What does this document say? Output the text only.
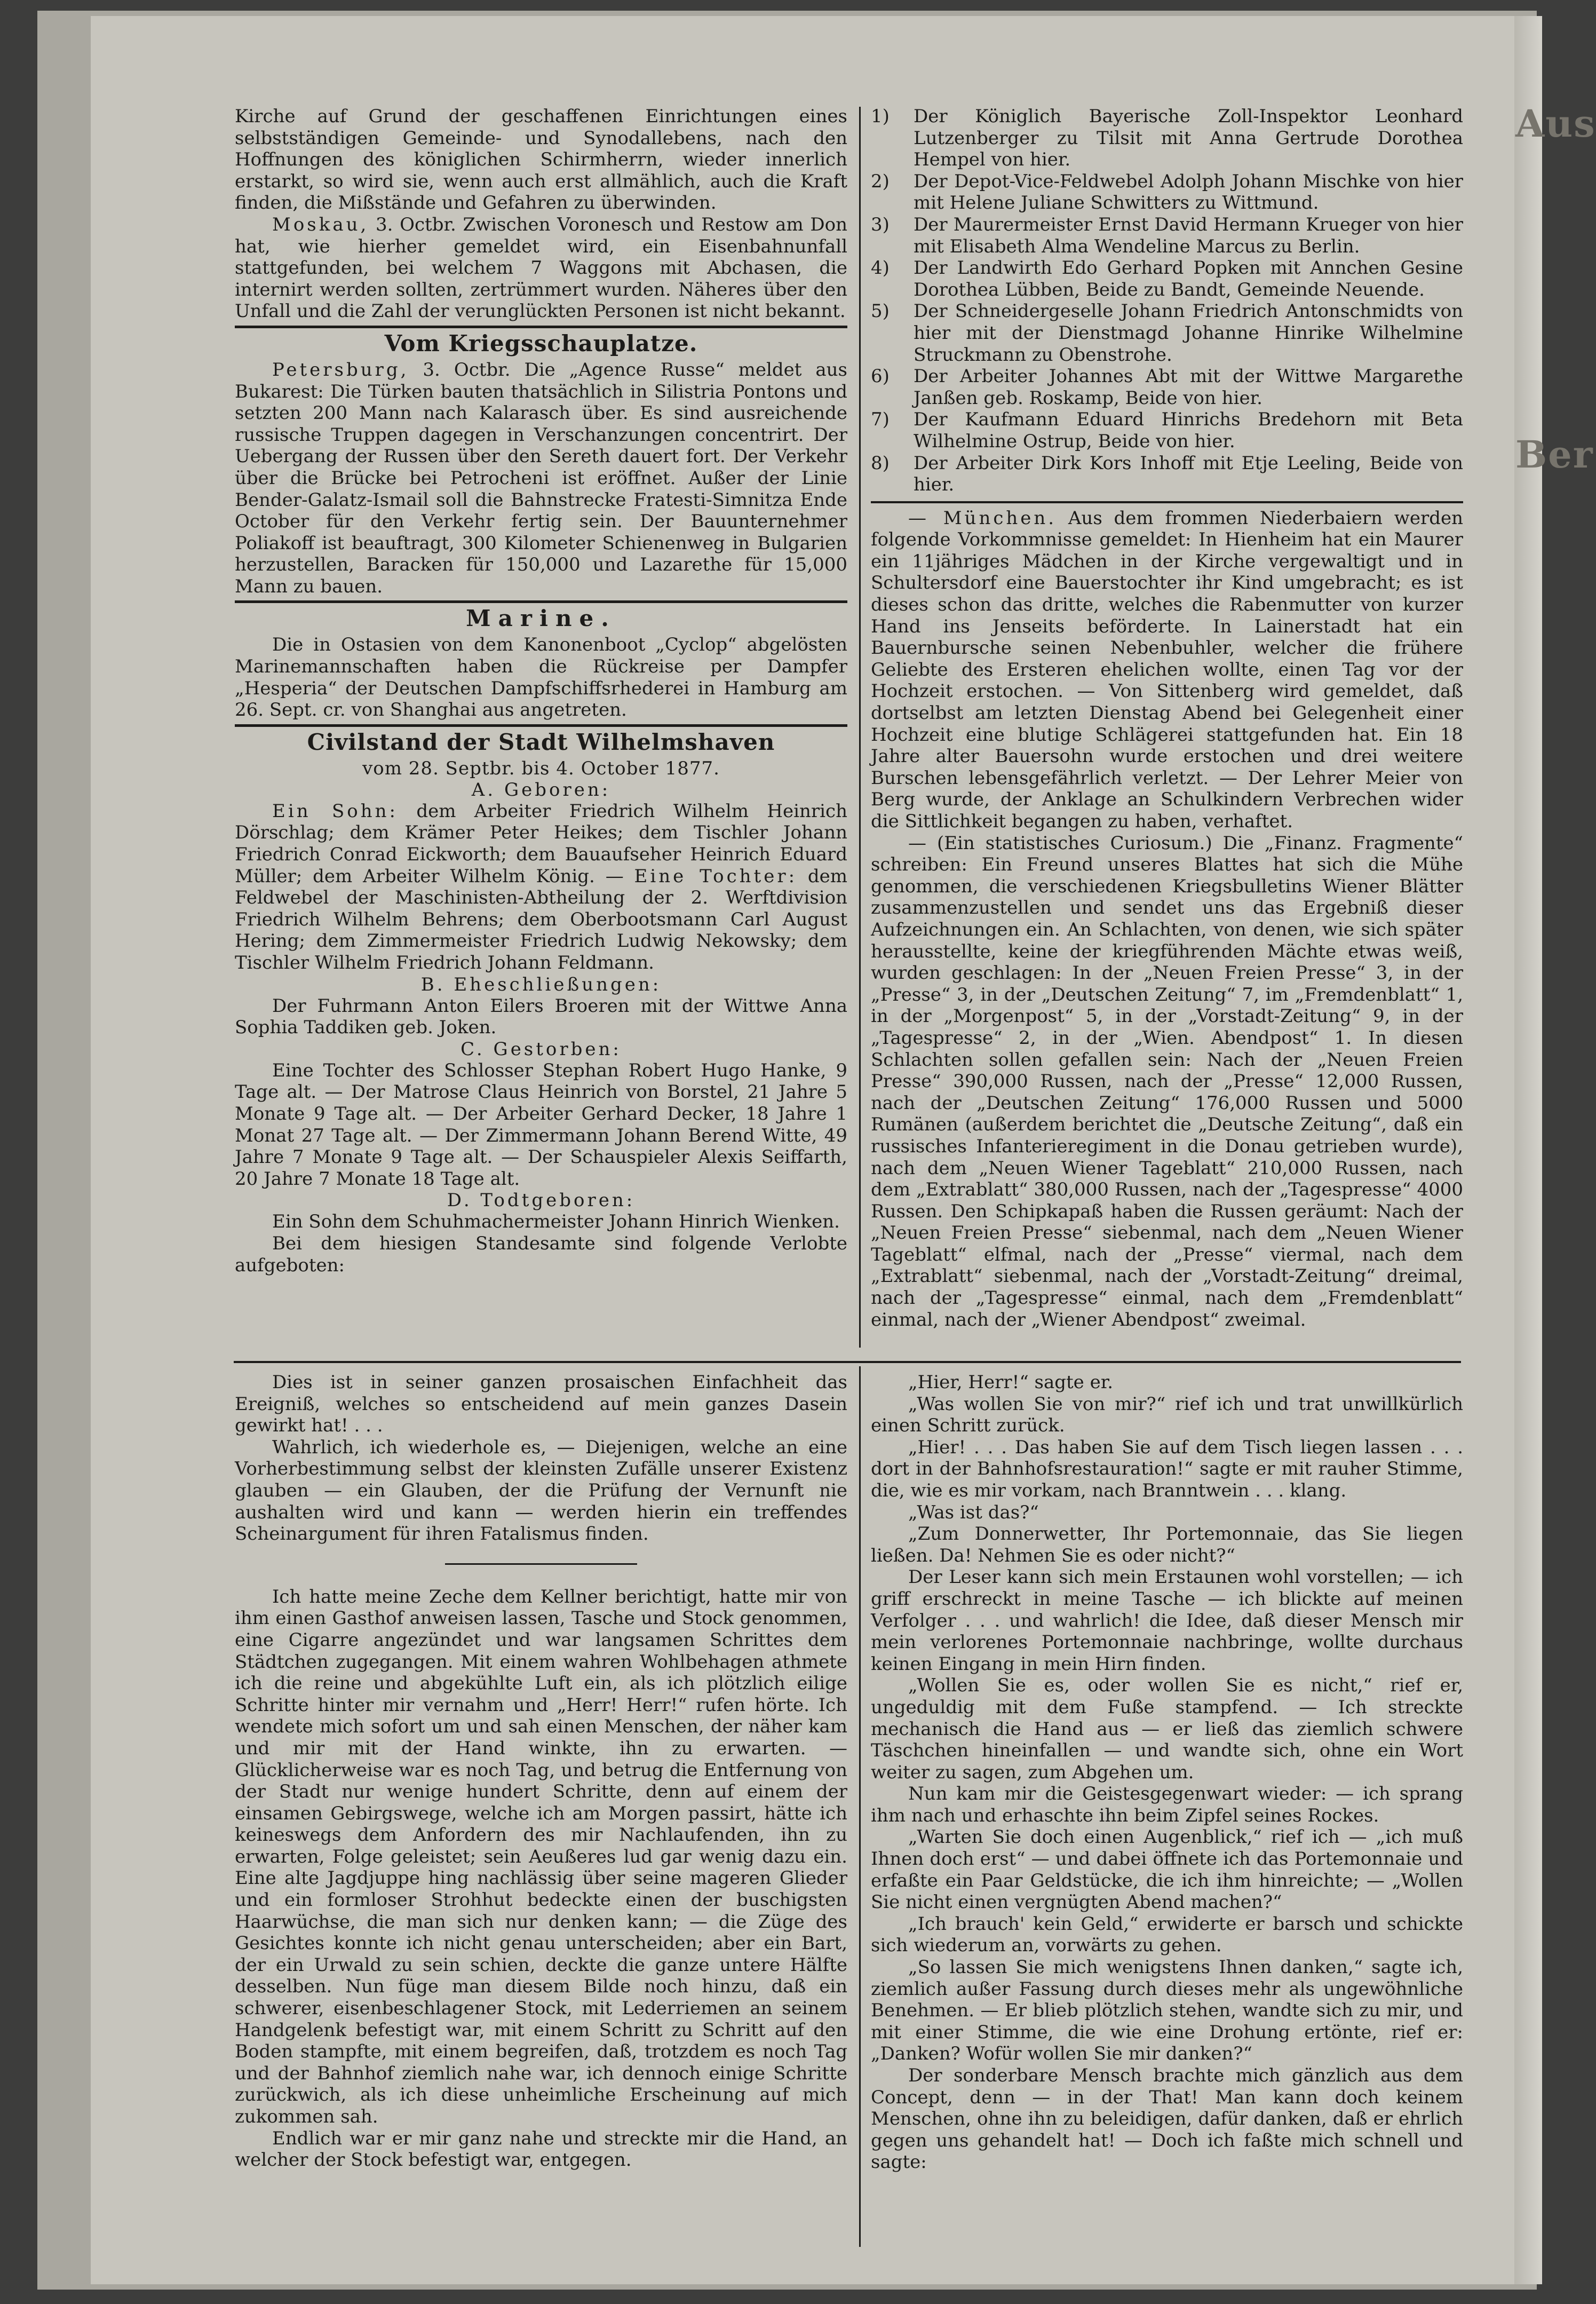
Aus
Ber

Kirche auf Grund der geschaffenen Einrichtungen eines selbstständigen Gemeinde- und Synodallebens, nach den Hoffnungen des königlichen Schirmherrn, wieder innerlich erstarkt, so wird sie, wenn auch erst allmählich, auch die Kraft finden, die Mißstände und Gefahren zu überwinden.

Moskau, 3. Octbr. Zwischen Voronesch und Restow am Don hat, wie hierher gemeldet wird, ein Eisenbahnunfall stattgefunden, bei welchem 7 Waggons mit Abchasen, die internirt werden sollten, zertrümmert wurden. Näheres über den Unfall und die Zahl der verunglückten Personen ist nicht bekannt.

Vom Kriegsschauplatze.

Petersburg, 3. Octbr. Die „Agence Russe“ meldet aus Bukarest: Die Türken bauten thatsächlich in Silistria Pontons und setzten 200 Mann nach Kalarasch über. Es sind ausreichende russische Truppen dagegen in Verschanzungen concentrirt. Der Uebergang der Russen über den Sereth dauert fort. Der Verkehr über die Brücke bei Petrocheni ist eröffnet. Außer der Linie Bender-Galatz-Ismail soll die Bahnstrecke Fratesti-Simnitza Ende October für den Verkehr fertig sein. Der Bauunternehmer Poliakoff ist beauftragt, 300 Kilometer Schienenweg in Bulgarien herzustellen, Baracken für 150,000 und Lazarethe für 15,000 Mann zu bauen.

Marine.

Die in Ostasien von dem Kanonenboot „Cyclop“ abgelösten Marinemannschaften haben die Rückreise per Dampfer „Hesperia“ der Deutschen Dampfschiffsrhederei in Hamburg am 26. Sept. cr. von Shanghai aus angetreten.

Civilstand der Stadt Wilhelmshaven
vom 28. Septbr. bis 4. October 1877.
A. Geboren:

Ein Sohn: dem Arbeiter Friedrich Wilhelm Heinrich Dörschlag; dem Krämer Peter Heikes; dem Tischler Johann Friedrich Conrad Eickworth; dem Bauaufseher Heinrich Eduard Müller; dem Arbeiter Wilhelm König. — Eine Tochter: dem Feldwebel der Maschinisten-Abtheilung der 2. Werftdivision Friedrich Wilhelm Behrens; dem Oberbootsmann Carl August Hering; dem Zimmermeister Friedrich Ludwig Nekowsky; dem Tischler Wilhelm Friedrich Johann Feldmann.

B. Eheschließungen:

Der Fuhrmann Anton Eilers Broeren mit der Wittwe Anna Sophia Taddiken geb. Joken.

C. Gestorben:

Eine Tochter des Schlosser Stephan Robert Hugo Hanke, 9 Tage alt. — Der Matrose Claus Heinrich von Borstel, 21 Jahre 5 Monate 9 Tage alt. — Der Arbeiter Gerhard Decker, 18 Jahre 1 Monat 27 Tage alt. — Der Zimmermann Johann Berend Witte, 49 Jahre 7 Monate 9 Tage alt. — Der Schauspieler Alexis Seiffarth, 20 Jahre 7 Monate 18 Tage alt.

D. Todtgeboren:

Ein Sohn dem Schuhmachermeister Johann Hinrich Wienken.

Bei dem hiesigen Standesamte sind folgende Verlobte aufgeboten:

1) Der Königlich Bayerische Zoll-Inspektor Leonhard Lutzenberger zu Tilsit mit Anna Gertrude Dorothea Hempel von hier.
2) Der Depot-Vice-Feldwebel Adolph Johann Mischke von hier mit Helene Juliane Schwitters zu Wittmund.
3) Der Maurermeister Ernst David Hermann Krueger von hier mit Elisabeth Alma Wendeline Marcus zu Berlin.
4) Der Landwirth Edo Gerhard Popken mit Annchen Gesine Dorothea Lübben, Beide zu Bandt, Gemeinde Neuende.
5) Der Schneidergeselle Johann Friedrich Antonschmidts von hier mit der Dienstmagd Johanne Hinrike Wilhelmine Struckmann zu Obenstrohe.
6) Der Arbeiter Johannes Abt mit der Wittwe Margarethe Janßen geb. Roskamp, Beide von hier.
7) Der Kaufmann Eduard Hinrichs Bredehorn mit Beta Wilhelmine Ostrup, Beide von hier.
8) Der Arbeiter Dirk Kors Inhoff mit Etje Leeling, Beide von hier.

— München. Aus dem frommen Niederbaiern werden folgende Vorkommnisse gemeldet: In Hienheim hat ein Maurer ein 11jähriges Mädchen in der Kirche vergewaltigt und in Schultersdorf eine Bauerstochter ihr Kind umgebracht; es ist dieses schon das dritte, welches die Rabenmutter von kurzer Hand ins Jenseits beförderte. In Lainerstadt hat ein Bauernbursche seinen Nebenbuhler, welcher die frühere Geliebte des Ersteren ehelichen wollte, einen Tag vor der Hochzeit erstochen. — Von Sittenberg wird gemeldet, daß dortselbst am letzten Dienstag Abend bei Gelegenheit einer Hochzeit eine blutige Schlägerei stattgefunden hat. Ein 18 Jahre alter Bauersohn wurde erstochen und drei weitere Burschen lebensgefährlich verletzt. — Der Lehrer Meier von Berg wurde, der Anklage an Schulkindern Verbrechen wider die Sittlichkeit begangen zu haben, verhaftet.

— (Ein statistisches Curiosum.) Die „Finanz. Fragmente“ schreiben: Ein Freund unseres Blattes hat sich die Mühe genommen, die verschiedenen Kriegsbulletins Wiener Blätter zusammenzustellen und sendet uns das Ergebniß dieser Aufzeichnungen ein. An Schlachten, von denen, wie sich später herausstellte, keine der kriegführenden Mächte etwas weiß, wurden geschlagen: In der „Neuen Freien Presse“ 3, in der „Presse“ 3, in der „Deutschen Zeitung“ 7, im „Fremdenblatt“ 1, in der „Morgenpost“ 5, in der „Vorstadt-Zeitung“ 9, in der „Tagespresse“ 2, in der „Wien. Abendpost“ 1. In diesen Schlachten sollen gefallen sein: Nach der „Neuen Freien Presse“ 390,000 Russen, nach der „Presse“ 12,000 Russen, nach der „Deutschen Zeitung“ 176,000 Russen und 5000 Rumänen (außerdem berichtet die „Deutsche Zeitung“, daß ein russisches Infanterieregiment in die Donau getrieben wurde), nach dem „Neuen Wiener Tageblatt“ 210,000 Russen, nach dem „Extrablatt“ 380,000 Russen, nach der „Tagespresse“ 4000 Russen. Den Schipkapaß haben die Russen geräumt: Nach der „Neuen Freien Presse“ siebenmal, nach dem „Neuen Wiener Tageblatt“ elfmal, nach der „Presse“ viermal, nach dem „Extrablatt“ siebenmal, nach der „Vorstadt-Zeitung“ dreimal, nach der „Tagespresse“ einmal, nach dem „Fremdenblatt“ einmal, nach der „Wiener Abendpost“ zweimal.

Dies ist in seiner ganzen prosaischen Einfachheit das Ereigniß, welches so entscheidend auf mein ganzes Dasein gewirkt hat! . . .

Wahrlich, ich wiederhole es, — Diejenigen, welche an eine Vorherbestimmung selbst der kleinsten Zufälle unserer Existenz glauben — ein Glauben, der die Prüfung der Vernunft nie aushalten wird und kann — werden hierin ein treffendes Scheinargument für ihren Fatalismus finden.

Ich hatte meine Zeche dem Kellner berichtigt, hatte mir von ihm einen Gasthof anweisen lassen, Tasche und Stock genommen, eine Cigarre angezündet und war langsamen Schrittes dem Städtchen zugegangen. Mit einem wahren Wohlbehagen athmete ich die reine und abgekühlte Luft ein, als ich plötzlich eilige Schritte hinter mir vernahm und „Herr! Herr!“ rufen hörte. Ich wendete mich sofort um und sah einen Menschen, der näher kam und mir mit der Hand winkte, ihn zu erwarten. — Glücklicherweise war es noch Tag, und betrug die Entfernung von der Stadt nur wenige hundert Schritte, denn auf einem der einsamen Gebirgswege, welche ich am Morgen passirt, hätte ich keineswegs dem Anfordern des mir Nachlaufenden, ihn zu erwarten, Folge geleistet; sein Aeußeres lud gar wenig dazu ein. Eine alte Jagdjuppe hing nachlässig über seine mageren Glieder und ein formloser Strohhut bedeckte einen der buschigsten Haarwüchse, die man sich nur denken kann; — die Züge des Gesichtes konnte ich nicht genau unterscheiden; aber ein Bart, der ein Urwald zu sein schien, deckte die ganze untere Hälfte desselben. Nun füge man diesem Bilde noch hinzu, daß ein schwerer, eisenbeschlagener Stock, mit Lederriemen an seinem Handgelenk befestigt war, mit einem Schritt zu Schritt auf den Boden stampfte, mit einem begreifen, daß, trotzdem es noch Tag und der Bahnhof ziemlich nahe war, ich dennoch einige Schritte zurückwich, als ich diese unheimliche Erscheinung auf mich zukommen sah.

Endlich war er mir ganz nahe und streckte mir die Hand, an welcher der Stock befestigt war, entgegen.

„Hier, Herr!“ sagte er.

„Was wollen Sie von mir?“ rief ich und trat unwillkürlich einen Schritt zurück.

„Hier! . . . Das haben Sie auf dem Tisch liegen lassen . . . dort in der Bahnhofsrestauration!“ sagte er mit rauher Stimme, die, wie es mir vorkam, nach Branntwein . . . klang.

„Was ist das?“

„Zum Donnerwetter, Ihr Portemonnaie, das Sie liegen ließen. Da! Nehmen Sie es oder nicht?“

Der Leser kann sich mein Erstaunen wohl vorstellen; — ich griff erschreckt in meine Tasche — ich blickte auf meinen Verfolger . . . und wahrlich! die Idee, daß dieser Mensch mir mein verlorenes Portemonnaie nachbringe, wollte durchaus keinen Eingang in mein Hirn finden.

„Wollen Sie es, oder wollen Sie es nicht,“ rief er, ungeduldig mit dem Fuße stampfend. — Ich streckte mechanisch die Hand aus — er ließ das ziemlich schwere Täschchen hineinfallen — und wandte sich, ohne ein Wort weiter zu sagen, zum Abgehen um.

Nun kam mir die Geistesgegenwart wieder: — ich sprang ihm nach und erhaschte ihn beim Zipfel seines Rockes.

„Warten Sie doch einen Augenblick,“ rief ich — „ich muß Ihnen doch erst“ — und dabei öffnete ich das Portemonnaie und erfaßte ein Paar Geldstücke, die ich ihm hinreichte; — „Wollen Sie nicht einen vergnügten Abend machen?“

„Ich brauch' kein Geld,“ erwiderte er barsch und schickte sich wiederum an, vorwärts zu gehen.

„So lassen Sie mich wenigstens Ihnen danken,“ sagte ich, ziemlich außer Fassung durch dieses mehr als ungewöhnliche Benehmen. — Er blieb plötzlich stehen, wandte sich zu mir, und mit einer Stimme, die wie eine Drohung ertönte, rief er: „Danken? Wofür wollen Sie mir danken?“

Der sonderbare Mensch brachte mich gänzlich aus dem Concept, denn — in der That! Man kann doch keinem Menschen, ohne ihn zu beleidigen, dafür danken, daß er ehrlich gegen uns gehandelt hat! — Doch ich faßte mich schnell und sagte:
